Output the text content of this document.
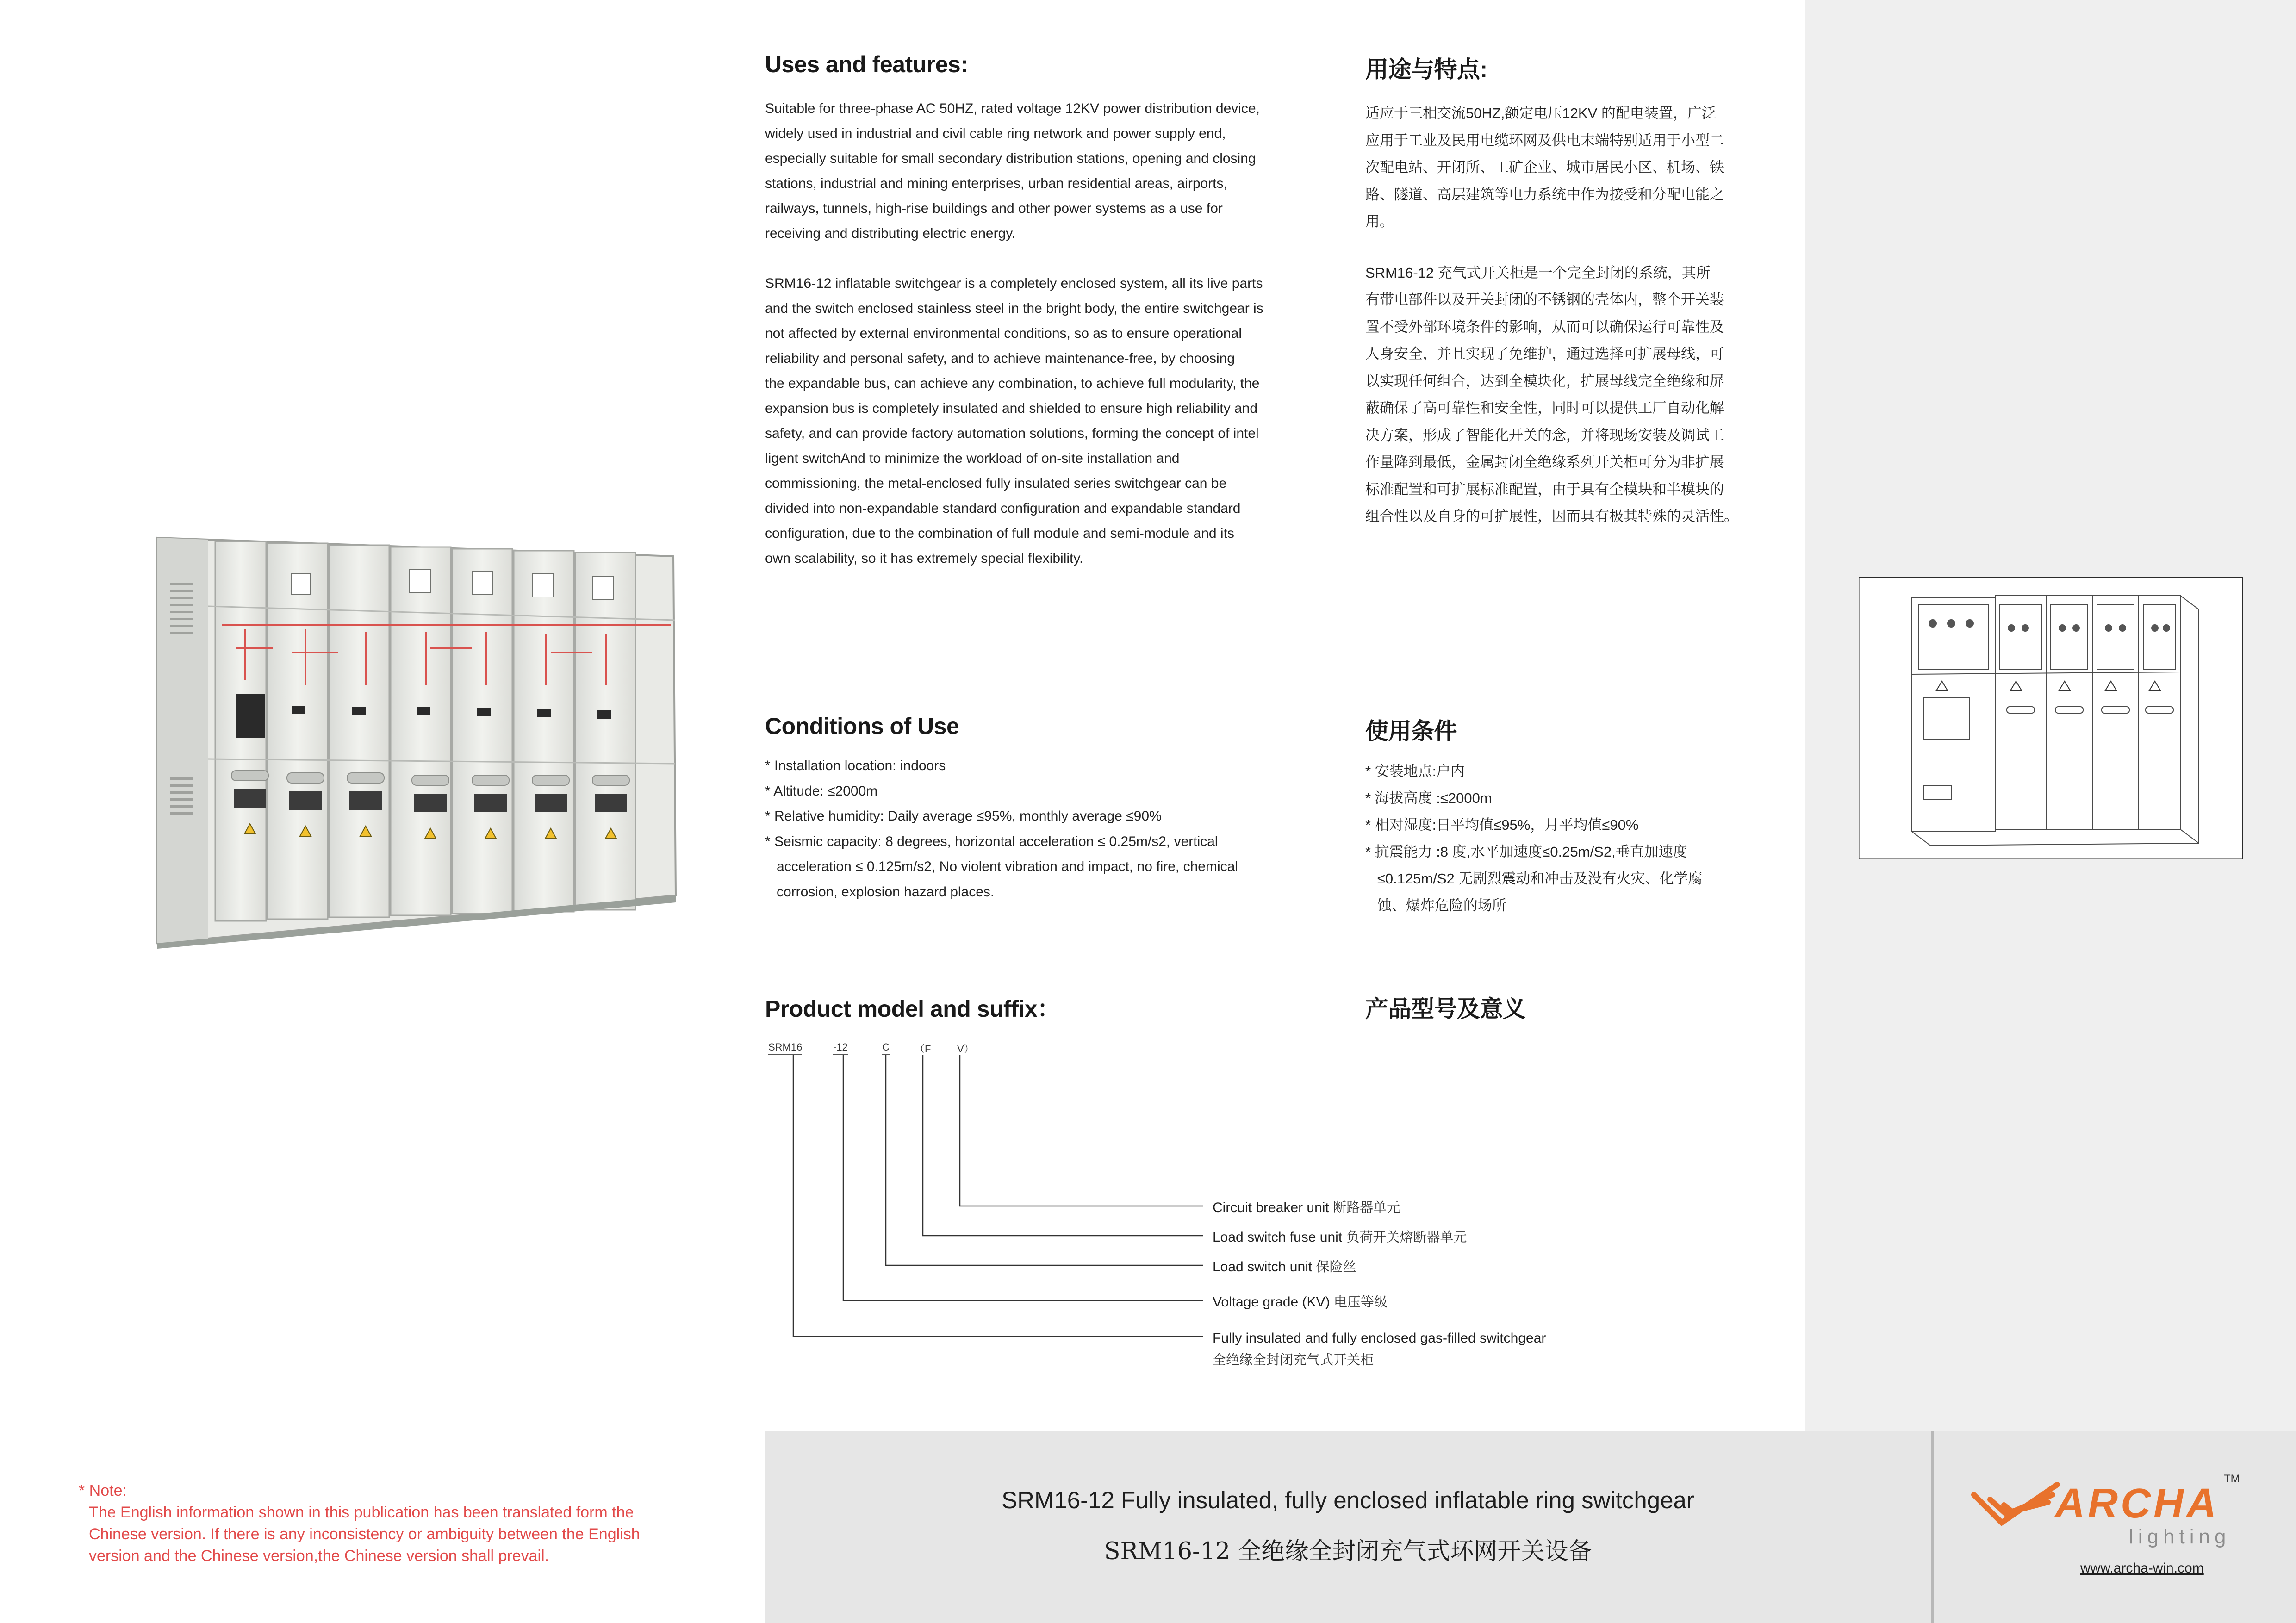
Uses and features:

Suitable for three-phase AC 50HZ, rated voltage 12KV power distribution device,
widely used in industrial and civil cable ring network and power supply end,
especially suitable for small secondary distribution stations, opening and closing
stations, industrial and mining enterprises, urban residential areas, airports,
railways, tunnels, high-rise buildings and other power systems as a use for
receiving and distributing electric energy.

SRM16-12 inflatable switchgear is a completely enclosed system, all its live parts
and the switch enclosed stainless steel in the bright body, the entire switchgear is
not affected by external environmental conditions, so as to ensure operational
reliability and personal safety, and to achieve maintenance-free, by choosing
the expandable bus, can achieve any combination, to achieve full modularity, the
expansion bus is completely insulated and shielded to ensure high reliability and
safety, and can provide factory automation solutions, forming the concept of intel
ligent switchAnd to minimize the workload of on-site installation and
commissioning, the metal-enclosed fully insulated series switchgear can be
divided into non-expandable standard configuration and expandable standard
configuration, due to the combination of full module and semi-module and its
own scalability, so it has extremely special flexibility.

用途与特点:

适应于三相交流50HZ,额定电压12KV 的配电装置，广泛
应用于工业及民用电缆环网及供电末端特别适用于小型二
次配电站、开闭所、工矿企业、城市居民小区、机场、铁
路、隧道、高层建筑等电力系统中作为接受和分配电能之
用。

SRM16-12 充气式开关柜是一个完全封闭的系统，其所
有带电部件以及开关封闭的不锈钢的壳体内，整个开关装
置不受外部环境条件的影响，从而可以确保运行可靠性及
人身安全，并且实现了免维护，通过选择可扩展母线，可
以实现任何组合，达到全模块化，扩展母线完全绝缘和屏
蔽确保了高可靠性和安全性，同时可以提供工厂自动化解
决方案，形成了智能化开关的念，并将现场安装及调试工
作量降到最低，金属封闭全绝缘系列开关柜可分为非扩展
标准配置和可扩展标准配置，由于具有全模块和半模块的
组合性以及自身的可扩展性，因而具有极其特殊的灵活性。

Conditions of Use

* Installation location: indoors

* Altitude: ≤2000m

* Relative humidity: Daily average ≤95%, monthly average ≤90%

* Seismic capacity: 8 degrees, horizontal acceleration ≤ 0.25m/s2, vertical

acceleration ≤ 0.125m/s2, No violent vibration and impact, no fire, chemical

corrosion, explosion hazard places.

使用条件

* 安装地点:户内

* 海拔高度 :≤2000m

* 相对湿度:日平均值≤95%，月平均值≤90%

* 抗震能力 :8 度,水平加速度≤0.25m/S2,垂直加速度

≤0.125m/S2 无剧烈震动和冲击及没有火灾、化学腐

蚀、爆炸危险的场所

Product model and suffix：	产品型号及意义
SRM16	-12	C （F	V）
Circuit breaker unit 断路器单元
Load switch fuse unit 负荷开关熔断器单元
Load switch unit 保险丝
Voltage grade (KV) 电压等级
Fully insulated and fully enclosed gas-filled switchgear
全绝缘全封闭充气式开关柜
* Note:
The English information shown in this publication has been translated form the
Chinese version. If there is any inconsistency or ambiguity between the English
version and the Chinese version,the Chinese version shall prevail.
SRM16-12 Fully insulated, fully enclosed inflatable ring switchgear
SRM16-12 全绝缘全封闭充气式环网开关设备
ARCHA
lighting
TM
www.archa-win.com
